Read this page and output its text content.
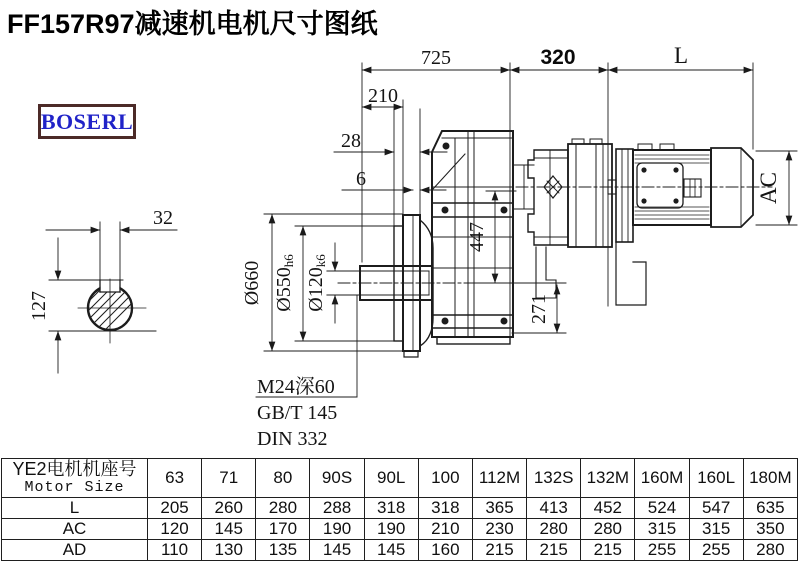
FF157R97减速机电机尺寸图纸
BOSERL
725	320	L
210
28
6
32
127
Ø660 Ø550h6
Ø120k6
447
271
AC
M24深60
GB/T 145
DIN 332
YE2电机机座号
Motor Size	63	71	80	90S	90L	100	112M	132S	132M	160M	160L	180M
L	205	260	280	288	318	318	365	413	452	524	547	635
AC	120	145	170	190	190	210	230	280	280	315	315	350
AD	110	130	135	145	145	160	215	215	215	255	255	280
